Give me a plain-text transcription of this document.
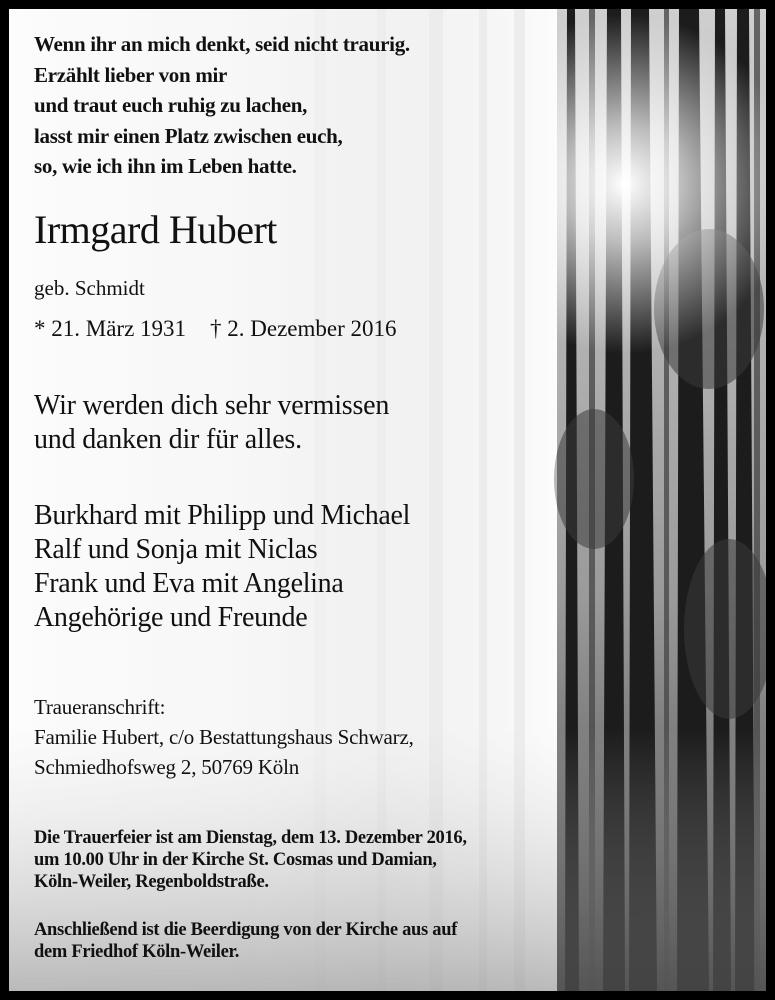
Wenn ihr an mich denkt, seid nicht traurig.
Erzählt lieber von mir
und traut euch ruhig zu lachen,
lasst mir einen Platz zwischen euch,
so, wie ich ihn im Leben hatte.

Irmgard Hubert

geb. Schmidt

* 21. März 1931 † 2. Dezember 2016

Wir werden dich sehr vermissen
und danken dir für alles.

Burkhard mit Philipp und Michael
Ralf und Sonja mit Niclas
Frank und Eva mit Angelina
Angehörige und Freunde

Traueranschrift:
Familie Hubert, c/o Bestattungshaus Schwarz,
Schmiedhofsweg 2, 50769 Köln

Die Trauerfeier ist am Dienstag, dem 13. Dezember 2016,
um 10.00 Uhr in der Kirche St. Cosmas und Damian,
Köln-Weiler, Regenboldstraße.

Anschließend ist die Beerdigung von der Kirche aus auf
dem Friedhof Köln-Weiler.
